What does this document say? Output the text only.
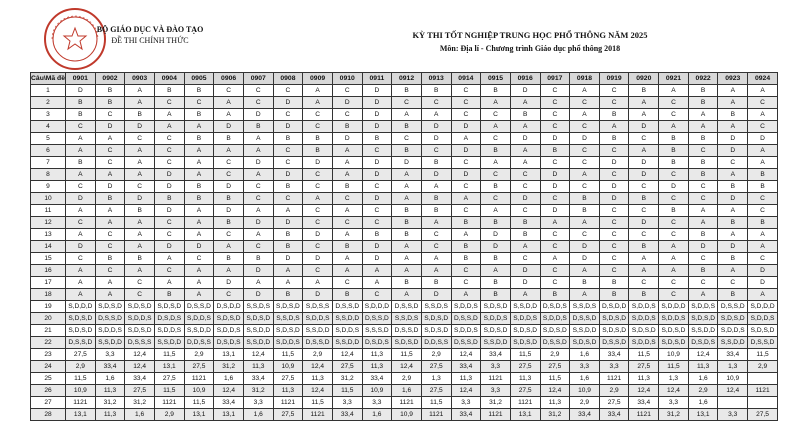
BỘ GIÁO DỤC VÀ ĐÀO TẠO
ĐỀ THI CHÍNH THỨC
KỲ THI TỐT NGHIỆP TRUNG HỌC PHỔ THÔNG NĂM 2025
Môn: Địa lí - Chương trình Giáo dục phổ thông 2018
Câu\Mã đề	0901	0902	0903	0904	0905	0906	0907	0908	0909	0910	0911	0912	0913	0914	0915	0916	0917	0918	0919	0920	0921	0922	0923	0924
1	D	B	A	B	B	C	C	C	A	C	D	B	B	C	B	D	C	A	C	B	A	B	A	A
2	B	B	A	C	C	A	C	D	A	D	D	C	C	C	A	A	C	C	C	A	C	B	A	C
3	B	C	B	A	B	A	D	C	C	C	D	A	A	C	C	B	C	A	B	A	C	A	B	A
4	C	D	D	A	A	D	B	D	C	B	D	B	D	D	A	A	C	C	A	D	A	A	A	C
5	A	A	C	C	B	B	A	B	B	D	B	C	D	A	C	D	D	D	B	C	B	B	D	D
6	A	C	A	C	A	A	A	C	B	A	C	B	C	D	B	A	B	C	C	A	B	C	D	A
7	B	C	A	C	A	C	D	C	D	A	D	D	B	C	A	A	C	C	D	D	B	B	C	A
8	A	A	A	D	A	C	A	D	C	A	D	A	D	D	C	C	D	A	C	D	C	B	A	B
9	C	D	C	D	B	D	C	B	C	B	C	A	A	C	B	C	D	C	D	C	D	C	B	B
10	D	B	D	B	B	B	C	C	A	C	D	A	B	A	C	D	C	B	D	B	C	C	D	C
11	A	A	B	D	A	D	A	A	C	A	C	B	B	C	A	C	D	B	C	C	B	A	A	C
12	C	A	A	C	A	B	D	D	C	C	C	B	A	B	B	B	A	A	C	D	C	A	B	B
13	A	C	A	C	A	C	A	B	D	A	B	B	C	A	D	B	C	C	C	C	C	B	A	A
14	D	C	A	D	D	A	C	B	C	B	D	A	C	B	D	A	C	D	C	B	A	D	D	A
15	C	B	B	A	C	B	B	D	D	A	D	A	A	B	B	C	A	D	C	A	A	C	B	C
16	A	C	A	C	A	A	D	A	C	A	A	A	A	C	A	D	C	A	C	A	A	B	A	D
17	A	A	C	A	A	D	A	A	A	C	A	B	B	C	B	D	C	B	B	C	C	C	C	D
18	A	A	C	B	A	C	D	B	D	B	C	A	D	A	B	A	B	A	B	B	C	A	B	A
19	S,D,D,D	S,D,S,D	S,D,S,D	S,D,S,D	D,S,S,D	D,S,D,D	S,S,D,S	S,D,S,D	S,D,S,S	D,S,S,D	S,D,D,D	D,S,S,D	S,S,D,S	S,D,D,S	S,D,S,D	S,S,D,D	D,S,D,S	S,S,D,S	D,S,D,D	S,D,D,S	S,D,D,D	S,D,D,S	D,S,S,D	S,D,D,D
20	S,D,S,D	D,S,S,D	S,D,D,S	D,S,D,S	S,D,D,S	S,D,S,D	S,D,S,D	S,S,D,S	S,D,D,S	S,S,D,D	D,S,S,D	S,S,D,S	S,D,S,D	D,S,S,D	S,D,D,S	S,D,D,S	S,D,D,S	D,S,S,D	S,D,S,D	S,D,D,S	S,D,D,S	S,D,S,D	S,D,S,D	S,D,D,S
21	S,D,S,D	S,D,D,S	S,D,S,D	S,D,D,S	S,S,D,D	S,D,D,S	S,S,D,D	S,D,S,D	S,S,D,D	S,D,D,S	S,S,S,D	D,S,S,D	S,D,S,D	S,D,D,S	S,D,S,D	S,D,S,D	S,D,S,D	S,S,D,D	S,D,S,D	S,D,S,D	S,D,S,D	S,S,D,D	S,D,D,S	S,D,S,D
22	D,S,S,D	S,S,D,D	D,S,S,S	S,S,D,D	D,D,S,S	D,S,D,S	S,S,D,D	S,D,D,S	D,S,S,D	S,S,D,D	D,S,D,S	S,D,S,D	D,D,S,S	D,S,S,D	S,S,D,D	S,D,S,D	D,S,S,D	S,D,S,D	D,S,S,D	S,D,D,S	S,D,S,D	D,S,D,S	S,S,D,D	D,S,S,D
23	27,5	3,3	12,4	11,5	2,9	13,1	12,4	11,5	2,9	12,4	11,3	11,5	2,9	12,4	33,4	11,5	2,9	1,6	33,4	11,5	10,9	12,4	33,4	11,5
24	2,9	33,4	12,4	13,1	27,5	31,2	11,3	10,9	12,4	27,5	11,3	12,4	27,5	33,4	3,3	27,5	27,5	3,3	3,3	27,5	11,5	11,3	1,3	2,9
25	11,5	1,6	33,4	27,5	1121	1,6	33,4	27,5	11,3	31,2	33,4	2,9	1,3	11,3	1121	11,3	11,5	1,6	1121	11,3	1,3	1,6	10,9	
26	10,9	11,3	27,5	11,5	10,9	12,4	31,2	11,3	12,4	11,5	10,9	1,6	27,5	12,4	3,3	27,5	12,4	10,9	2,9	12,4	12,4	2,9	12,4	1121
27	1121	31,2	31,2	1121	11,5	33,4	3,3	1121	11,5	3,3	3,3	1121	11,5	3,3	31,2	1121	11,3	2,9	27,5	33,4	3,3	1,6		
28	13,1	11,3	1,6	2,9	13,1	13,1	1,6	27,5	1121	33,4	1,6	10,9	1121	33,4	1121	13,1	31,2	33,4	33,4	1121	31,2	13,1	3,3	27,5
